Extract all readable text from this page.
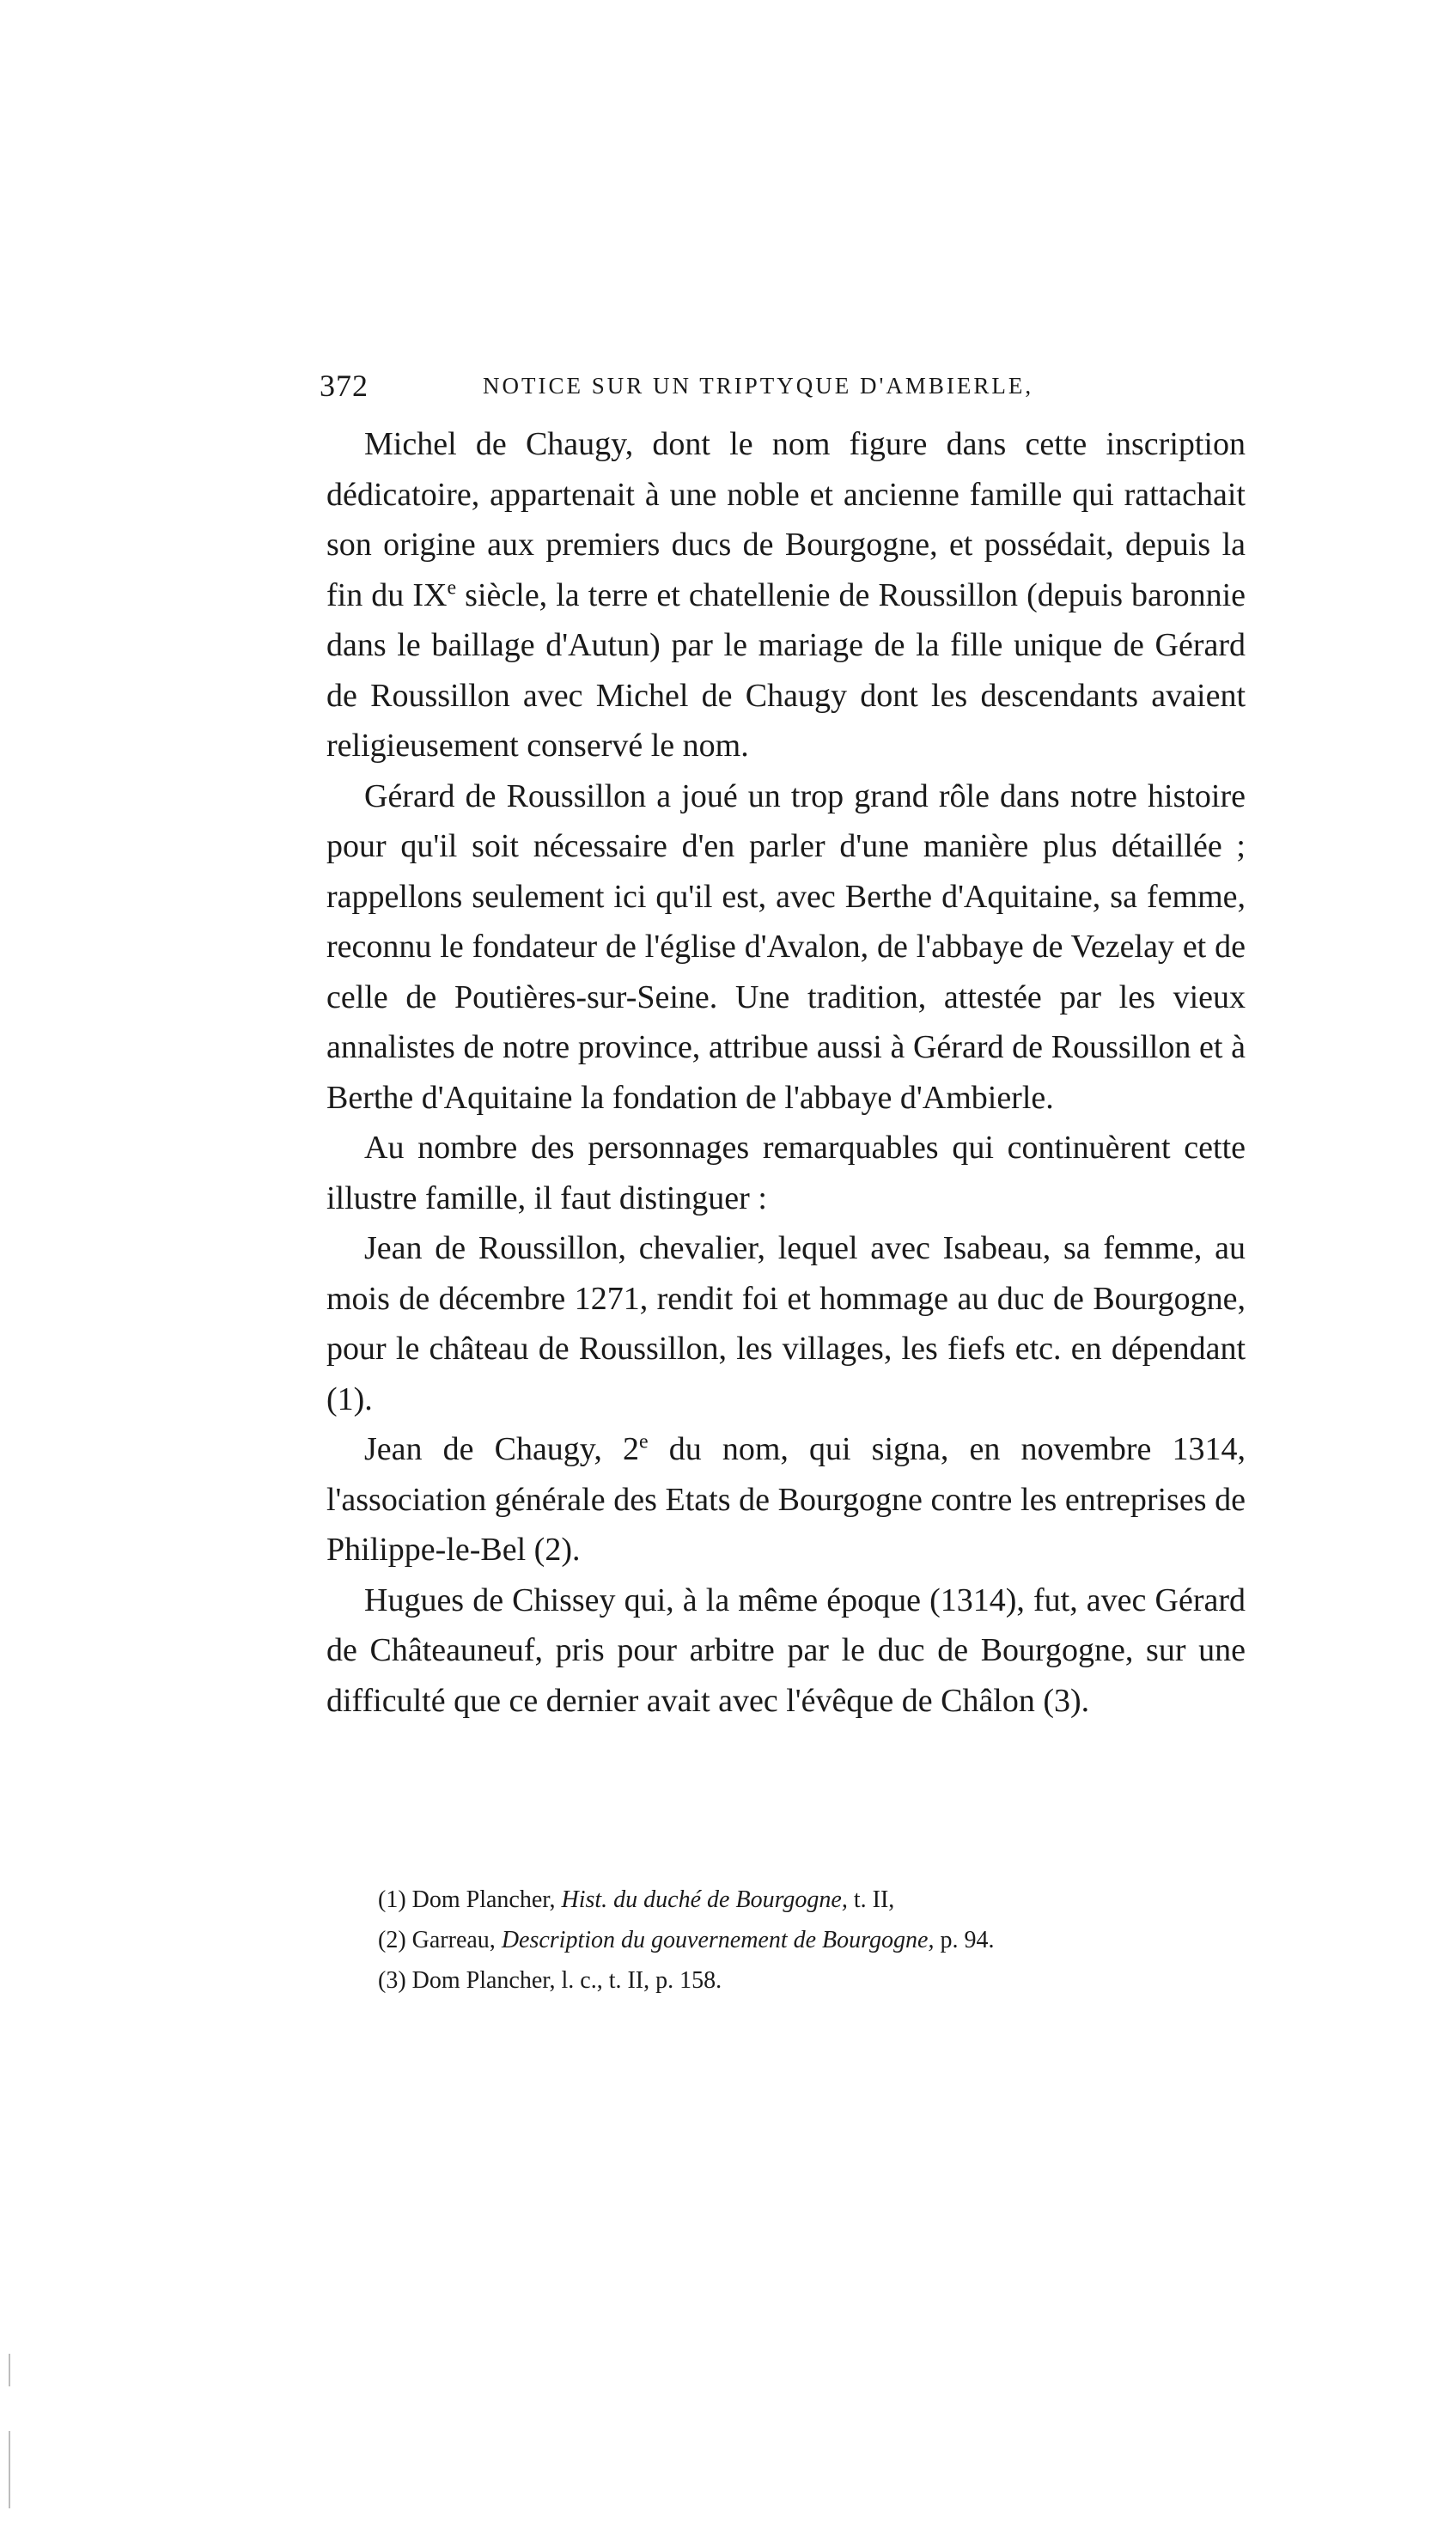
372	NOTICE SUR UN TRIPTYQUE D'AMBIERLE,

Michel de Chaugy, dont le nom figure dans cette inscription dédicatoire, appartenait à une noble et ancienne famille qui rattachait son origine aux premiers ducs de Bourgogne, et possédait, depuis la fin du IXe siècle, la terre et chatellenie de Roussillon (depuis baronnie dans le baillage d'Autun) par le mariage de la fille unique de Gérard de Roussillon avec Michel de Chaugy dont les descendants avaient religieusement conservé le nom.

Gérard de Roussillon a joué un trop grand rôle dans notre histoire pour qu'il soit nécessaire d'en parler d'une manière plus détaillée ; rappellons seulement ici qu'il est, avec Berthe d'Aquitaine, sa femme, reconnu le fondateur de l'église d'Avalon, de l'abbaye de Vezelay et de celle de Poutières-sur-Seine. Une tradition, attestée par les vieux annalistes de notre province, attribue aussi à Gérard de Roussillon et à Berthe d'Aquitaine la fondation de l'abbaye d'Ambierle.

Au nombre des personnages remarquables qui continuèrent cette illustre famille, il faut distinguer :

Jean de Roussillon, chevalier, lequel avec Isabeau, sa femme, au mois de décembre 1271, rendit foi et hommage au duc de Bourgogne, pour le château de Roussillon, les villages, les fiefs etc. en dépendant (1).

Jean de Chaugy, 2e du nom, qui signa, en novembre 1314, l'association générale des Etats de Bourgogne contre les entreprises de Philippe-le-Bel (2).

Hugues de Chissey qui, à la même époque (1314), fut, avec Gérard de Châteauneuf, pris pour arbitre par le duc de Bourgogne, sur une difficulté que ce dernier avait avec l'évêque de Châlon (3).

(1) Dom Plancher, Hist. du duché de Bourgogne, t. II,

(2) Garreau, Description du gouvernement de Bourgogne, p. 94.

(3) Dom Plancher, l. c., t. II, p. 158.
